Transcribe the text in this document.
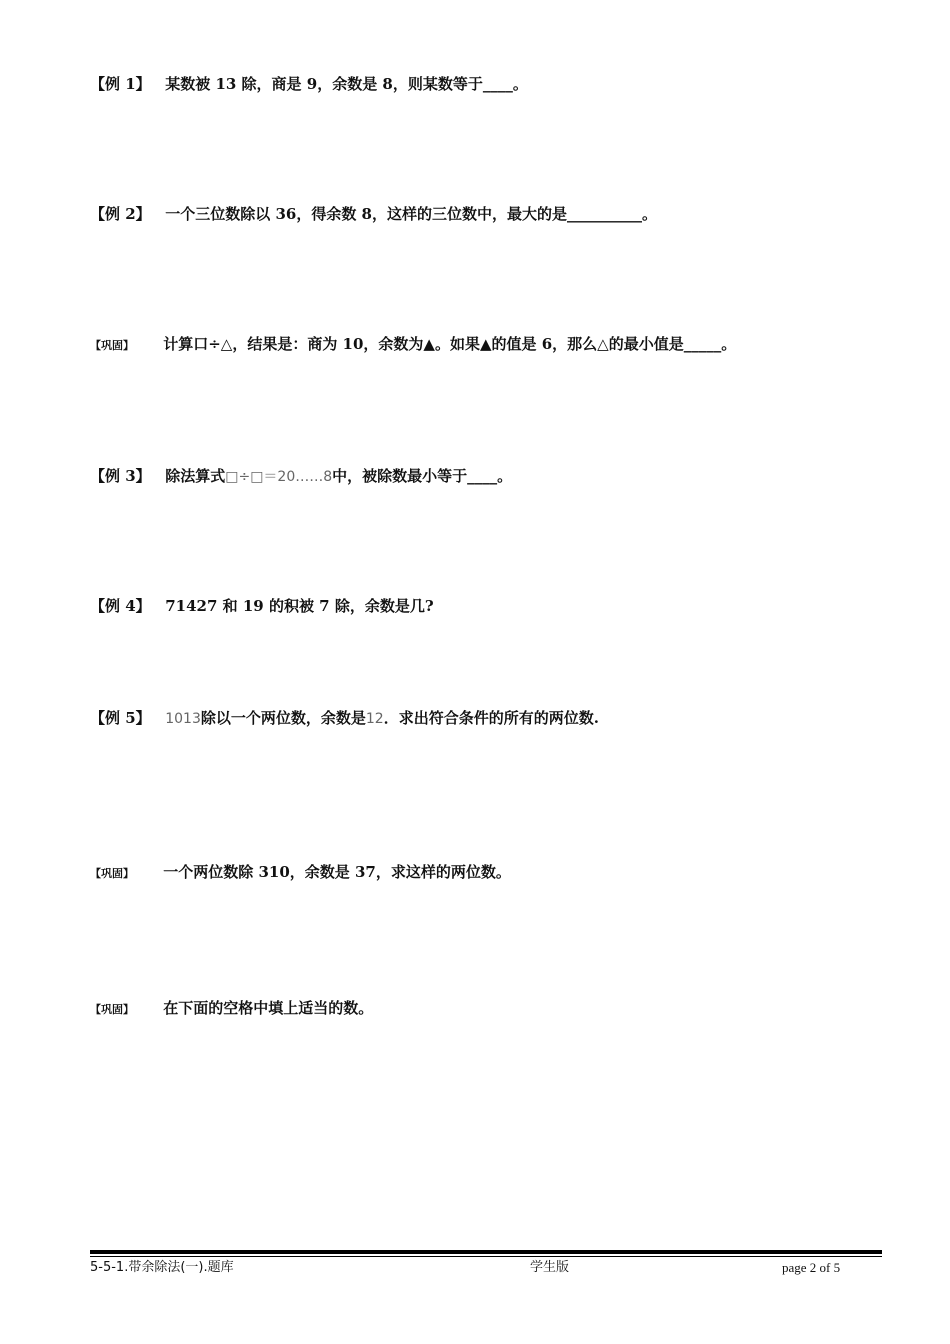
【例 1】 某数被 13 除，商是 9，余数是 8，则某数等于____。
【例 2】 一个三位数除以 36，得余数 8，这样的三位数中，最大的是__________。
【巩固】 计算口÷△，结果是：商为 10，余数为▲。如果▲的值是 6，那么△的最小值是_____。
【例 3】 除法算式□÷□＝20……8中，被除数最小等于____。
【例 4】 71427 和 19 的积被 7 除，余数是几?
【例 5】 1013除以一个两位数，余数是12．求出符合条件的所有的两位数.
【巩固】 一个两位数除 310，余数是 37，求这样的两位数。
【巩固】 在下面的空格中填上适当的数。
5-5-1.带余除法(一).题库	学生版	page 2 of 5
